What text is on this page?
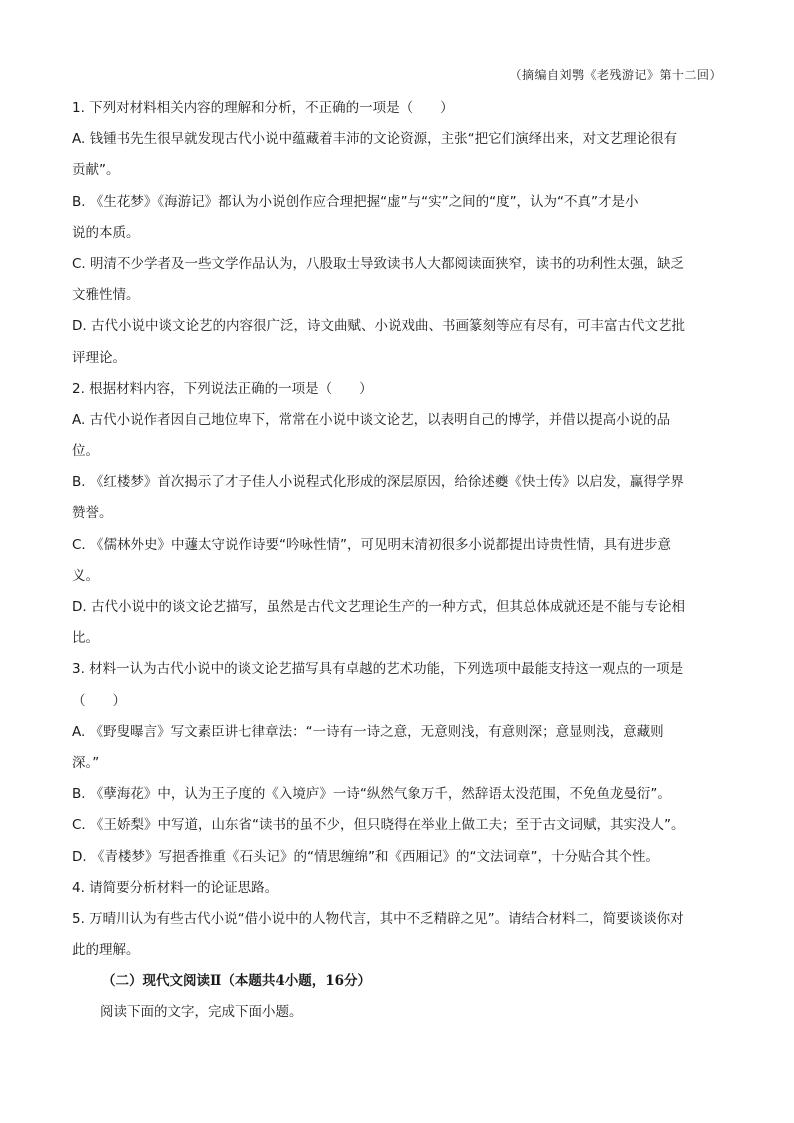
（摘编自刘鹗《老残游记》第十二回）
1. 下列对材料相关内容的理解和分析，不正确的一项是（　　）
A. 钱锺书先生很早就发现古代小说中蕴藏着丰沛的文论资源，主张“把它们演绎出来，对文艺理论很有
贡献”。
B. 《生花梦》《海游记》都认为小说创作应合理把握“虚”与“实”之间的“度”，认为“不真”才是小
说的本质。
C. 明清不少学者及一些文学作品认为，八股取士导致读书人大都阅读面狭窄，读书的功利性太强，缺乏
文雅性情。
D. 古代小说中谈文论艺的内容很广泛，诗文曲赋、小说戏曲、书画篆刻等应有尽有，可丰富古代文艺批
评理论。
2. 根据材料内容，下列说法正确的一项是（　　）
A. 古代小说作者因自己地位卑下，常常在小说中谈文论艺，以表明自己的博学，并借以提高小说的品
位。
B. 《红楼梦》首次揭示了才子佳人小说程式化形成的深层原因，给徐述夔《快士传》以启发，赢得学界
赞誉。
C. 《儒林外史》中蘧太守说作诗要“吟咏性情”，可见明末清初很多小说都提出诗贵性情，具有进步意
义。
D. 古代小说中的谈文论艺描写，虽然是古代文艺理论生产的一种方式，但其总体成就还是不能与专论相
比。
3. 材料一认为古代小说中的谈文论艺描写具有卓越的艺术功能，下列选项中最能支持这一观点的一项是
（　　）
A. 《野叟曝言》写文素臣讲七律章法：“一诗有一诗之意，无意则浅，有意则深；意显则浅，意藏则
深。”
B. 《孽海花》中，认为王子度的《入境庐》一诗“纵然气象万千，然辞语太没范围，不免鱼龙曼衍”。
C. 《王娇梨》中写道，山东省“读书的虽不少，但只晓得在举业上做工夫；至于古文词赋，其实没人”。
D. 《青楼梦》写挹香推重《石头记》的“情思缠绵”和《西厢记》的“文法词章”，十分贴合其个性。
4. 请简要分析材料一的论证思路。
5. 万晴川认为有些古代小说“借小说中的人物代言，其中不乏精辟之见”。请结合材料二，简要谈谈你对
此的理解。
（二）现代文阅读Ⅱ（本题共4小题，16分）
阅读下面的文字，完成下面小题。
